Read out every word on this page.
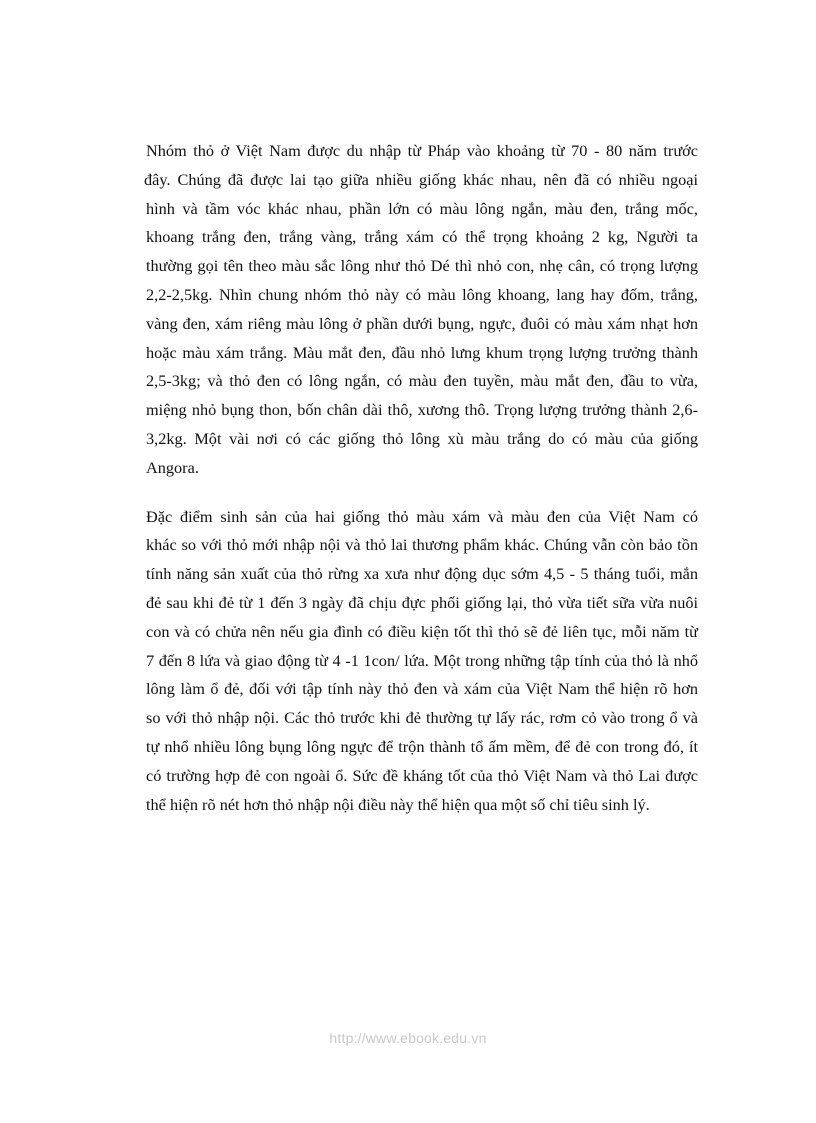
Nhóm thỏ ở Việt Nam được du nhập từ Pháp vào khoảng từ 70 - 80 năm trước
đây. Chúng đã được lai tạo giữa nhiều giống khác nhau, nên đã có nhiều ngoại
hình và tầm vóc khác nhau, phần lớn có màu lông ngắn, màu đen, trắng mốc,
khoang trắng đen, trắng vàng, trắng xám có thể trọng khoảng 2 kg, Người ta
thường gọi tên theo màu sắc lông như thỏ Dé thì nhỏ con, nhẹ cân, có trọng lượng
2,2-2,5kg. Nhìn chung nhóm thỏ này có màu lông khoang, lang hay đốm, trắng,
vàng đen, xám riêng màu lông ở phần dưới bụng, ngực, đuôi có màu xám nhạt hơn
hoặc màu xám trắng. Màu mắt đen, đầu nhỏ lưng khum trọng lượng trưởng thành
2,5-3kg; và thỏ đen có lông ngắn, có màu đen tuyền, màu mắt đen, đầu to vừa,
miệng nhỏ bụng thon, bốn chân dài thô, xương thô. Trọng lượng trưởng thành 2,6-
3,2kg. Một vài nơi có các giống thỏ lông xù màu trắng do có màu của giống
Angora.
Đặc điểm sinh sản của hai giống thỏ màu xám và màu đen của Việt Nam có
khác so với thỏ mới nhập nội và thỏ lai thương phẩm khác. Chúng vẫn còn bảo tồn
tính năng sản xuất của thỏ rừng xa xưa như động dục sớm 4,5 - 5 tháng tuổi, mắn
đẻ sau khi đẻ từ 1 đến 3 ngày đã chịu đực phối giống lại, thỏ vừa tiết sữa vừa nuôi
con và có chửa nên nếu gia đình có điều kiện tốt thì thỏ sẽ đẻ liên tục, mỗi năm từ
7 đến 8 lứa và giao động từ 4 -1 1con/ lứa. Một trong những tập tính của thỏ là nhổ
lông làm ổ đẻ, đối với tập tính này thỏ đen và xám của Việt Nam thể hiện rõ hơn
so với thỏ nhập nội. Các thỏ trước khi đẻ thường tự lấy rác, rơm cỏ vào trong ổ và
tự nhổ nhiều lông bụng lông ngực để trộn thành tổ ấm mềm, để đẻ con trong đó, ít
có trường hợp đẻ con ngoài ổ. Sức đề kháng tốt của thỏ Việt Nam và thỏ Lai được
thể hiện rõ nét hơn thỏ nhập nội điều này thể hiện qua một số chỉ tiêu sinh lý.
http://www.ebook.edu.vn
